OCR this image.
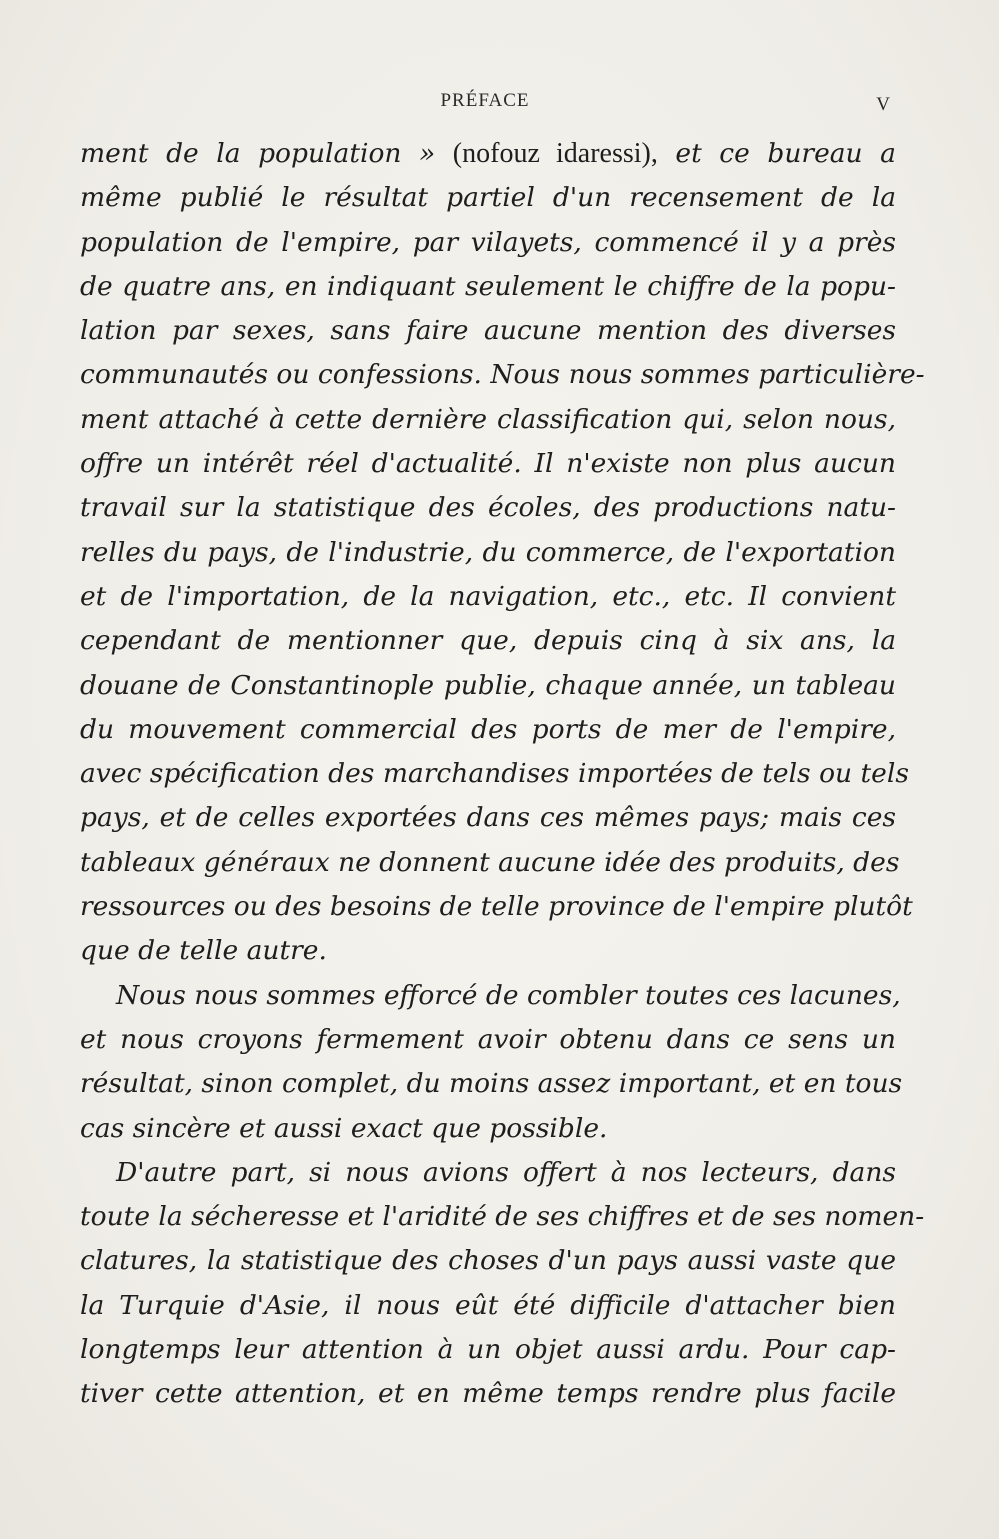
PRÉFACE	V
ment de la population » (nofouz idaressi), et ce bureau a
même publié le résultat partiel d'un recensement de la
population de l'empire, par vilayets, commencé il y a près
de quatre ans, en indiquant seulement le chiffre de la popu-
lation par sexes, sans faire aucune mention des diverses
communautés ou confessions. Nous nous sommes particulière-
ment attaché à cette dernière classification qui, selon nous,
offre un intérêt réel d'actualité. Il n'existe non plus aucun
travail sur la statistique des écoles, des productions natu-
relles du pays, de l'industrie, du commerce, de l'exportation
et de l'importation, de la navigation, etc., etc. Il convient
cependant de mentionner que, depuis cinq à six ans, la
douane de Constantinople publie, chaque année, un tableau
du mouvement commercial des ports de mer de l'empire,
avec spécification des marchandises importées de tels ou tels
pays, et de celles exportées dans ces mêmes pays; mais ces
tableaux généraux ne donnent aucune idée des produits, des
ressources ou des besoins de telle province de l'empire plutôt
que de telle autre.
Nous nous sommes efforcé de combler toutes ces lacunes,
et nous croyons fermement avoir obtenu dans ce sens un
résultat, sinon complet, du moins assez important, et en tous
cas sincère et aussi exact que possible.
D'autre part, si nous avions offert à nos lecteurs, dans
toute la sécheresse et l'aridité de ses chiffres et de ses nomen-
clatures, la statistique des choses d'un pays aussi vaste que
la Turquie d'Asie, il nous eût été difficile d'attacher bien
longtemps leur attention à un objet aussi ardu. Pour cap-
tiver cette attention, et en même temps rendre plus facile
